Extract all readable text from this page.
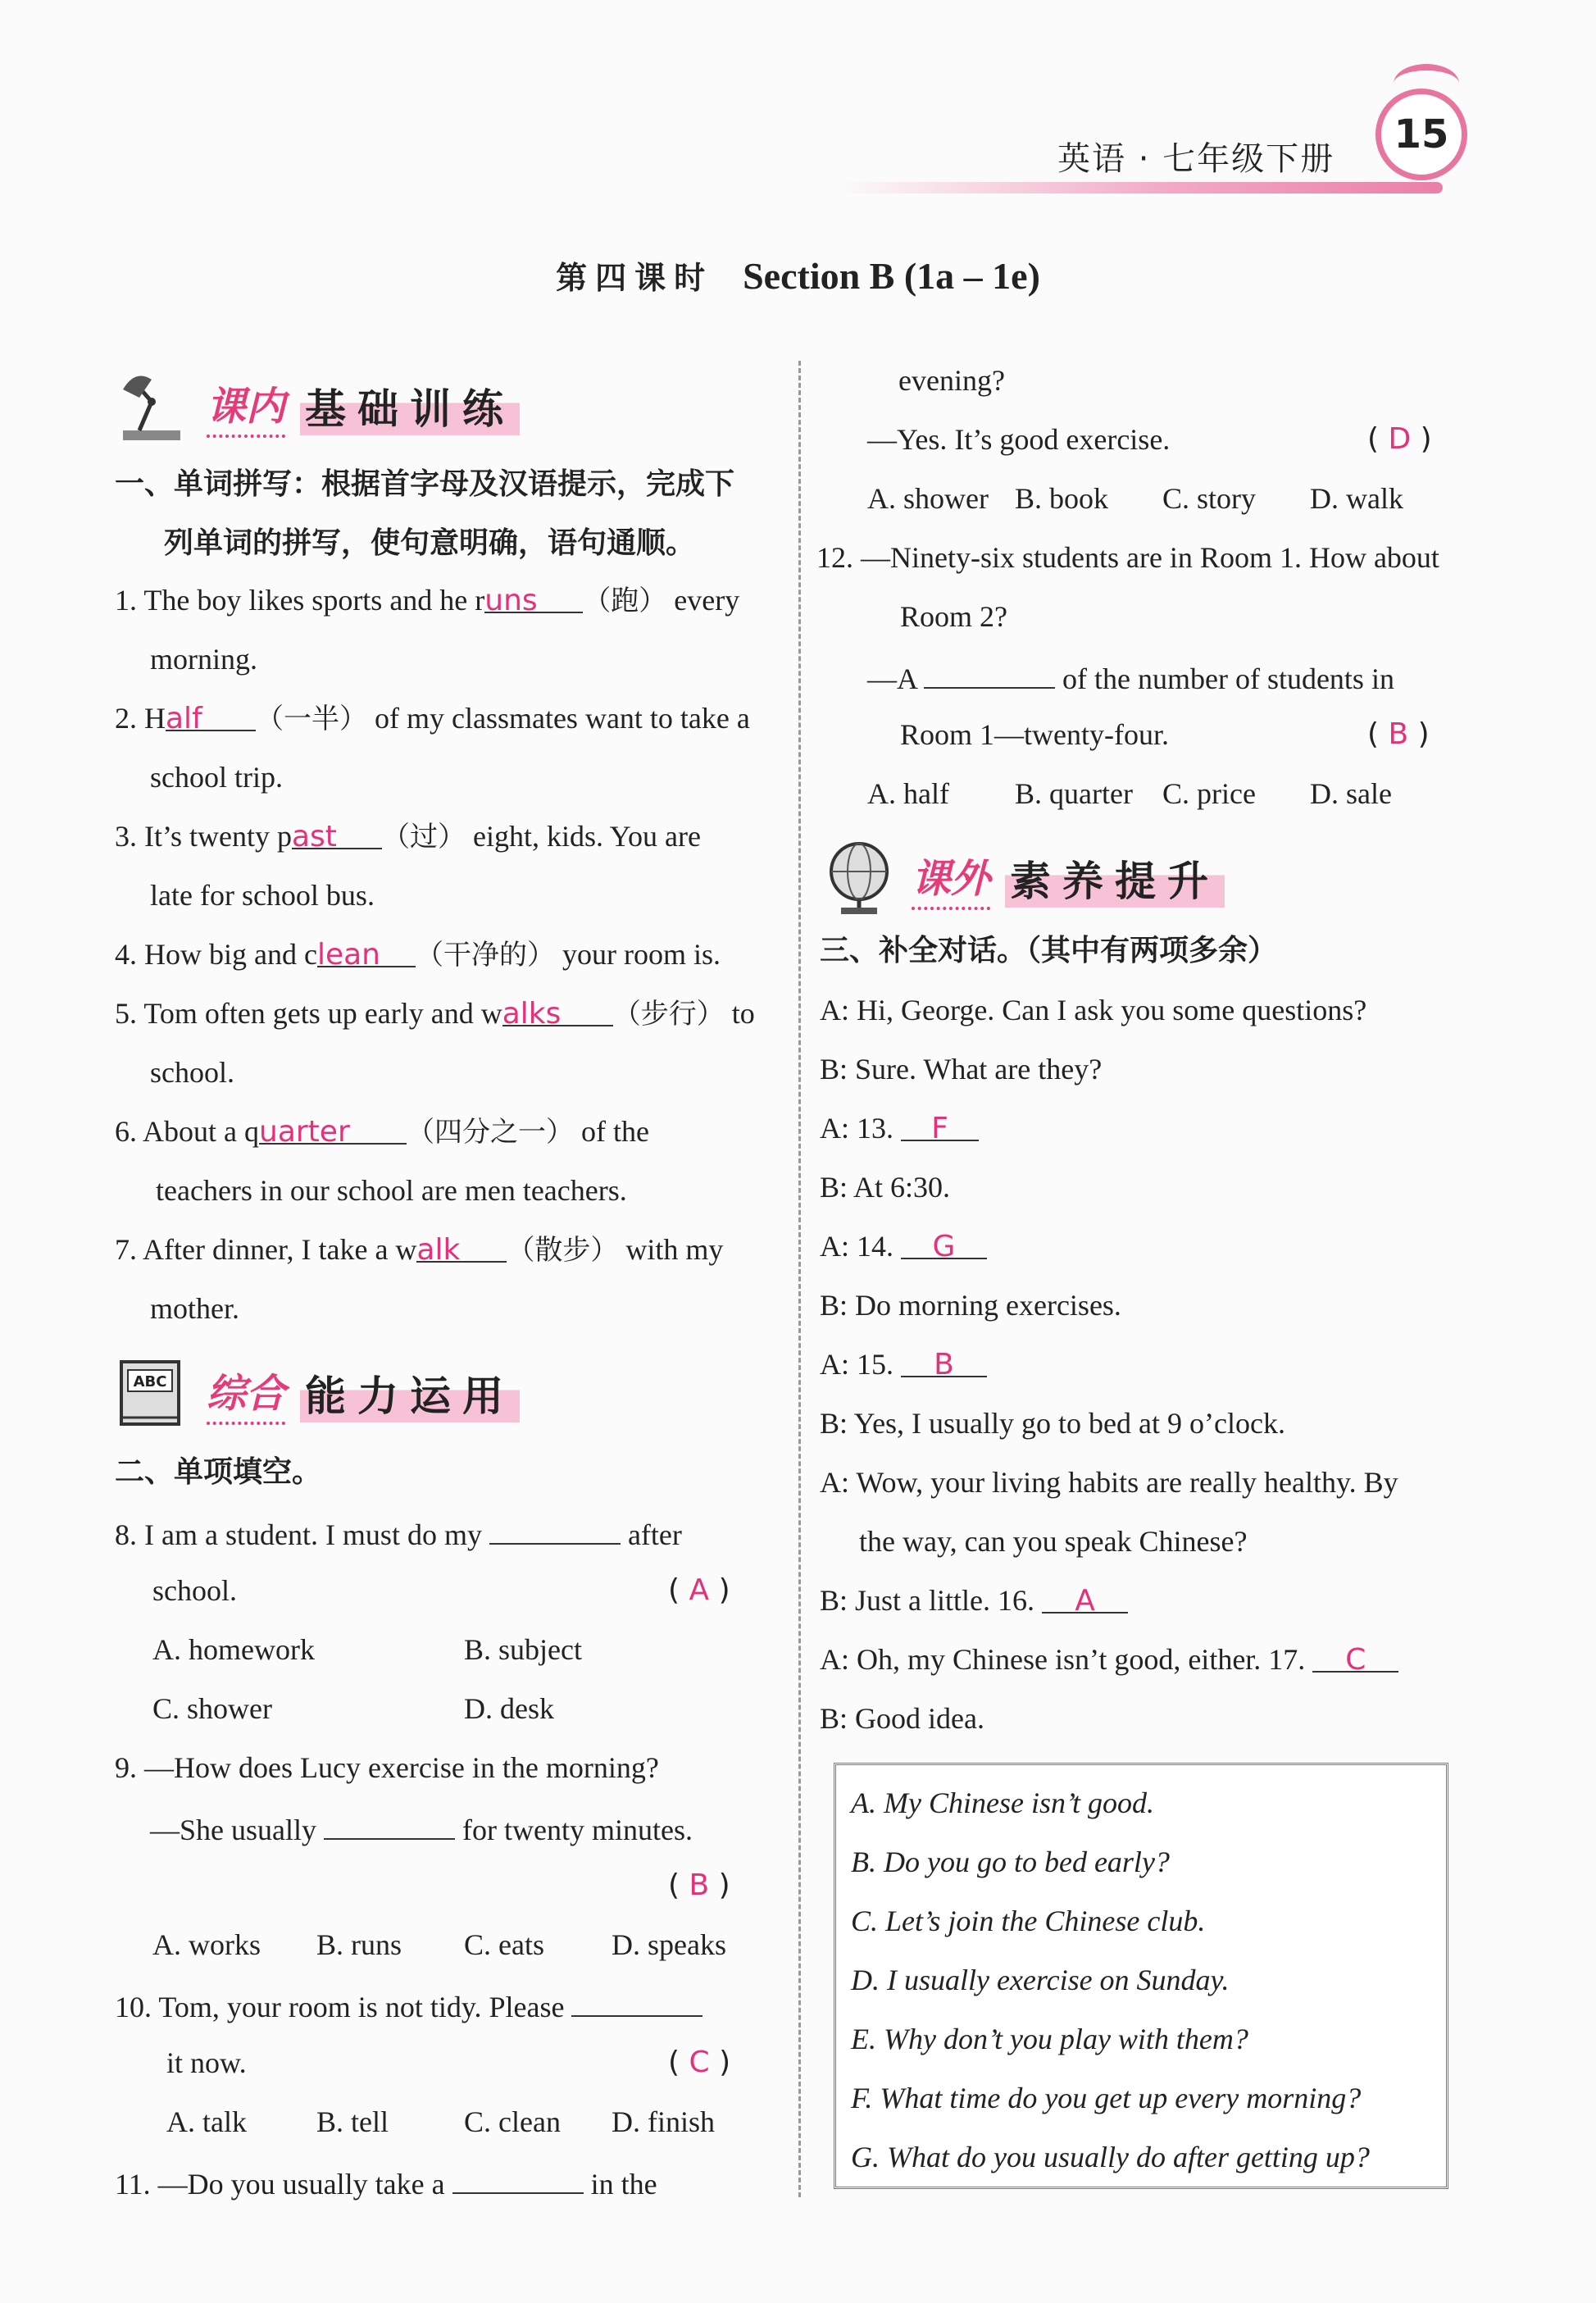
英语 · 七年级下册
15
第四课时 Section B (1a – 1e)
课内 基础训练
一、单词拼写：根据首字母及汉语提示，完成下
列单词的拼写，使句意明确，语句通顺。
1. The boy likes sports and he runs （跑） every
morning.
2. Half （一半） of my classmates want to take a
school trip.
3. It’s twenty past （过） eight, kids. You are
late for school bus.
4. How big and clean （干净的） your room is.
5. Tom often gets up early and walks （步行） to
school.
6. About a quarter （四分之一） of the
teachers in our school are men teachers.
7. After dinner, I take a walk （散步） with my
mother.
ABC 综合 能力运用
二、单项填空。
8. I am a student. I must do my	after
school.	( A )
A. homework	B. subject
C. shower	D. desk
9. —How does Lucy exercise in the morning?
—She usually	for twenty minutes.
( B )
A. works B. runs C. eats D. speaks
10. Tom, your room is not tidy. Please
it now.	( C )
A. talk B. tell	C. clean D. finish
11. —Do you usually take a	in the
evening?
—Yes. It’s good exercise.	( D )
A. shower B. book C. story D. walk
12. —Ninety-six students are in Room 1. How about
Room 2?
—A	of the number of students in
Room 1—twenty-four.	( B )
A. half B. quarter C. price D. sale
课外 素养提升
三、补全对话。（其中有两项多余）
A: Hi, George. Can I ask you some questions?
B: Sure. What are they?
A: 13. F
B: At 6:30.
A: 14. G
B: Do morning exercises.
A: 15. B
B: Yes, I usually go to bed at 9 o’clock.
A: Wow, your living habits are really healthy. By
the way, can you speak Chinese?
B: Just a little. 16. A
A: Oh, my Chinese isn’t good, either. 17. C
B: Good idea.
A. My Chinese isn’t good.
B. Do you go to bed early?
C. Let’s join the Chinese club.
D. I usually exercise on Sunday.
E. Why don’t you play with them?
F. What time do you get up every morning?
G. What do you usually do after getting up?
